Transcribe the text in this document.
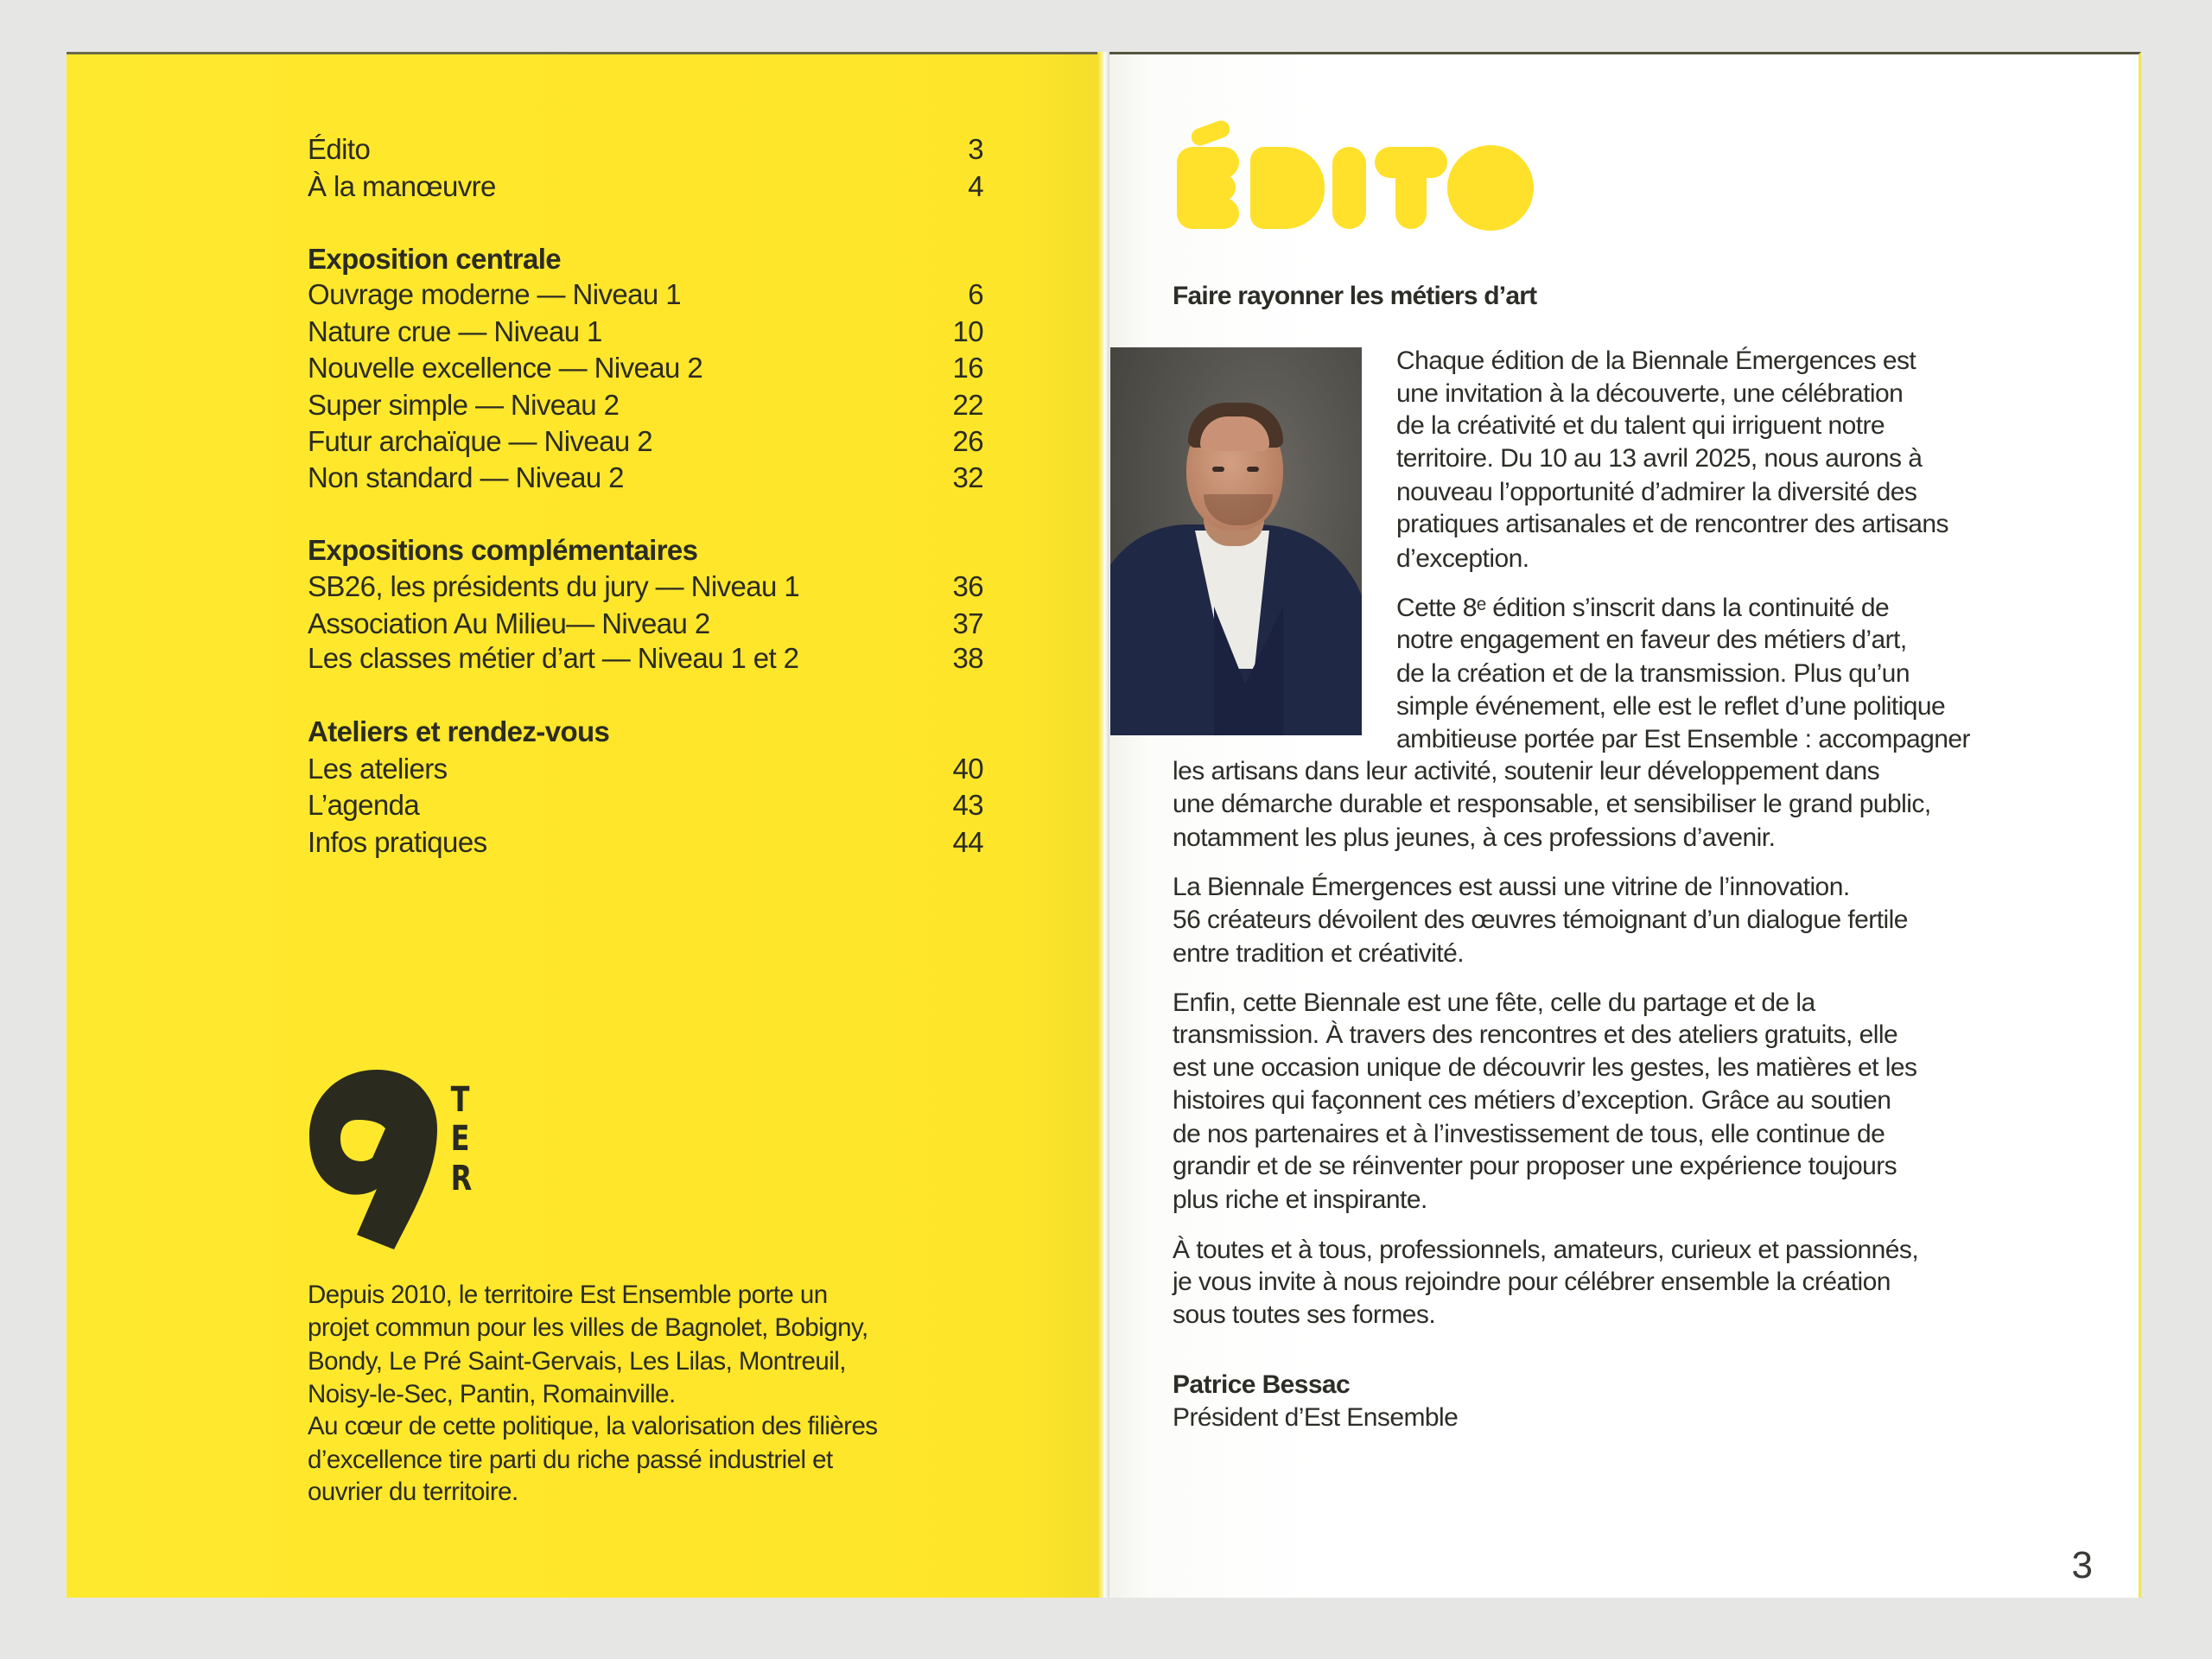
Édito	3
À la manœuvre	4
Exposition centrale
Ouvrage moderne — Niveau 1	6
Nature crue — Niveau 1	10
Nouvelle excellence — Niveau 2	16
Super simple — Niveau 2	22
Futur archaïque — Niveau 2	26
Non standard — Niveau 2	32
Expositions complémentaires
SB26, les présidents du jury — Niveau 1	36
Association Au Milieu— Niveau 2	37
Les classes métier d’art — Niveau 1 et 2	38
Ateliers et rendez-vous
Les ateliers	40
L’agenda	43
Infos pratiques	44
T
E
R
Depuis 2010, le territoire Est Ensemble porte un
projet commun pour les villes de Bagnolet, Bobigny,
Bondy, Le Pré Saint-Gervais, Les Lilas, Montreuil,
Noisy-le-Sec, Pantin, Romainville.
Au cœur de cette politique, la valorisation des filières
d’excellence tire parti du riche passé industriel et
ouvrier du territoire.
Faire rayonner les métiers d’art
Chaque édition de la Biennale Émergences est
une invitation à la découverte, une célébration
de la créativité et du talent qui irriguent notre
territoire. Du 10 au 13 avril 2025, nous aurons à
nouveau l’opportunité d’admirer la diversité des
pratiques artisanales et de rencontrer des artisans
d’exception.
Cette 8ᵉ édition s’inscrit dans la continuité de
notre engagement en faveur des métiers d’art,
de la création et de la transmission. Plus qu’un
simple événement, elle est le reflet d’une politique
ambitieuse portée par Est Ensemble : accompagner
les artisans dans leur activité, soutenir leur développement dans
une démarche durable et responsable, et sensibiliser le grand public,
notamment les plus jeunes, à ces professions d’avenir.
La Biennale Émergences est aussi une vitrine de l’innovation.
56 créateurs dévoilent des œuvres témoignant d’un dialogue fertile
entre tradition et créativité.
Enfin, cette Biennale est une fête, celle du partage et de la
transmission. À travers des rencontres et des ateliers gratuits, elle
est une occasion unique de découvrir les gestes, les matières et les
histoires qui façonnent ces métiers d’exception. Grâce au soutien
de nos partenaires et à l’investissement de tous, elle continue de
grandir et de se réinventer pour proposer une expérience toujours
plus riche et inspirante.
À toutes et à tous, professionnels, amateurs, curieux et passionnés,
je vous invite à nous rejoindre pour célébrer ensemble la création
sous toutes ses formes.
Patrice Bessac
Président d’Est Ensemble
3
